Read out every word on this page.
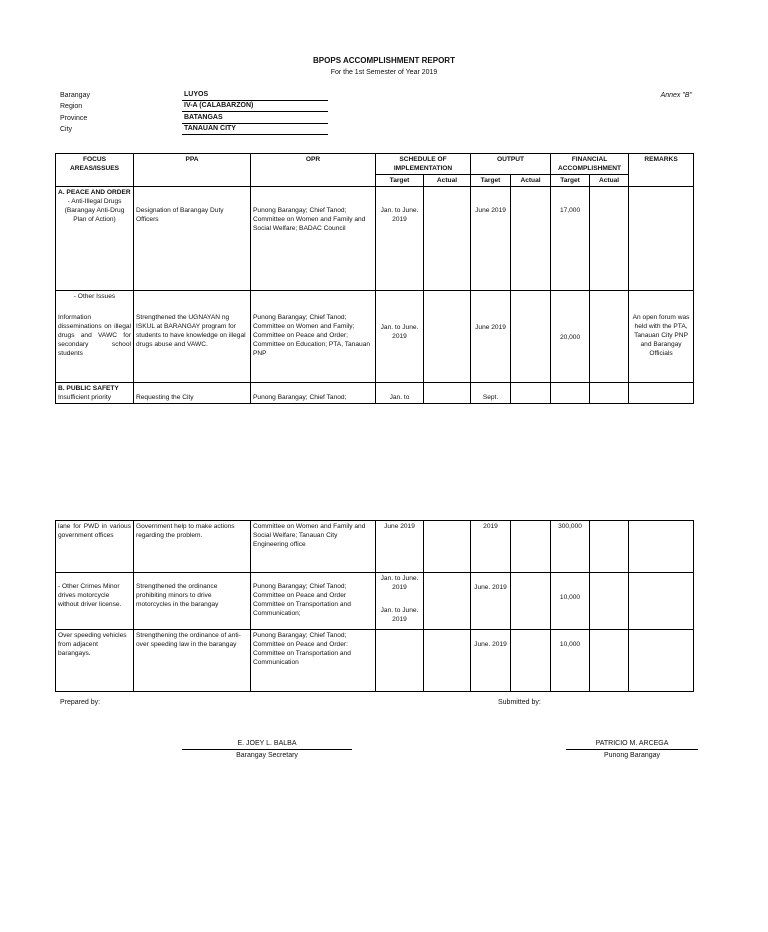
BPOPS ACCOMPLISHMENT REPORT
For the 1st Semester of Year 2019
Annex "B"
Barangay	LUYOS
Region	IV-A (CALABARZON)
Province	BATANGAS
City	TANAUAN CITY
FOCUS AREAS/ISSUES	PPA	OPR	SCHEDULE OF IMPLEMENTATION		OUTPUT		FINANCIAL ACCOMPLISHMENT		REMARKS
			Target	Actual	Target	Actual	Target	Actual	

A. PEACE AND ORDER
- Anti-Illegal Drugs (Barangay Anti-Drug Plan of Action)	Designation of Barangay Duty Officers	Punong Barangay; Chief Tanod; Committee on Women and Family and Social Welfare; BADAC Council	Jan. to June. 2019		June 2019		17,000		

- Other Issues
Information disseminations on illegal drugs and VAWC for secondary school students	Strengthened the UGNAYAN ng ISKUL at BARANGAY program for students to have knowledge on illegal drugs abuse and VAWC.	Punong Barangay; Chief Tanod; Committee on Women and Family; Committee on Peace and Order; Committee on Education; PTA, Tanauan PNP	Jan. to June. 2019		June 2019		20,000		An open forum was held with the PTA, Tanauan City PNP and Barangay Officials

B. PUBLIC SAFETY
Insufficient priority	Requesting the City	Punong Barangay; Chief Tanod;	Jan. to		Sept.				

lane for PWD in various government offices	Government help to make actions regarding the problem.	Committee on Women and Family and Social Welfare; Tanauan City Engineering office	June 2019		2019		300,000		

- Other Crimes Minor drives motorcycle without driver license.	Strengthened the ordinance prohibiting minors to drive motorcycles in the barangay	Punong Barangay; Chief Tanod; Committee on Peace and Order Committee on Transportation and Communication;	Jan. to June. 2019		June. 2019		10,000		

Over speeding vehicles from adjacent barangays.	Strengthening the ordinance of anti- over speeding law in the barangay	Punong Barangay; Chief Tanod; Committee on Peace and Order: Committee on Transportation and Communication	Jan. to June. 2019		June. 2019		10,000		

Prepared by:	Submitted by:
E. JOEY L. BALBA
Barangay Secretary
PATRICIO M. ARCEGA
Punong Barangay
